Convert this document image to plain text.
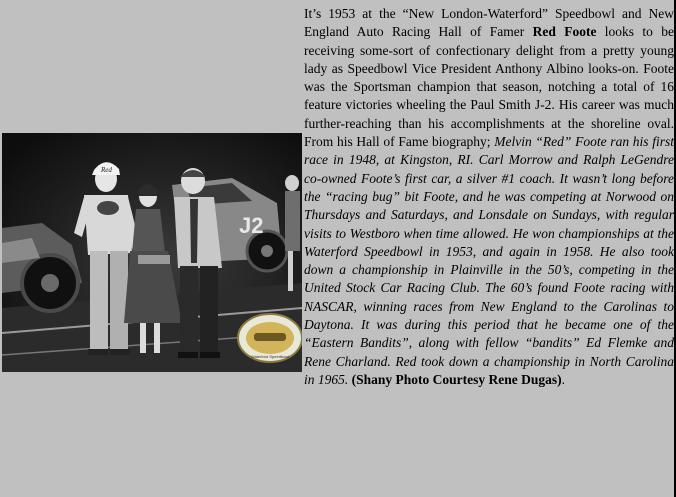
J2
Red
Waterford Speedbowl

It’s 1953 at the “New London-Waterford” Speedbowl and New England Auto Racing Hall of Famer Red Foote looks to be receiving some-sort of confectionary delight from a pretty young lady as Speedbowl Vice President Anthony Albino looks-on. Foote was the Sportsman champion that season, notching a total of 16 feature victories wheeling the Paul Smith J-2. His career was much further-reaching than his accomplishments at the shoreline oval. From his Hall of Fame biography; Melvin “Red” Foote ran his first race in 1948, at Kingston, RI. Carl Morrow and Ralph LeGendre co-owned Foote’s first car, a silver #1 coach. It wasn’t long before the “racing bug” bit Foote, and he was competing at Norwood on Thursdays and Saturdays, and Lonsdale on Sundays, with regular visits to Westboro when time allowed. He won championships at the Waterford Speedbowl in 1953, and again in 1958. He also took down a championship in Plainville in the 50’s, competing in the United Stock Car Racing Club. The 60’s found Foote racing with NASCAR, winning races from New England to the Carolinas to Daytona. It was during this period that he became one of the “Eastern Bandits”, along with fellow “bandits” Ed Flemke and Rene Charland. Red took down a championship in North Carolina in 1965. (Shany Photo Courtesy Rene Dugas).
